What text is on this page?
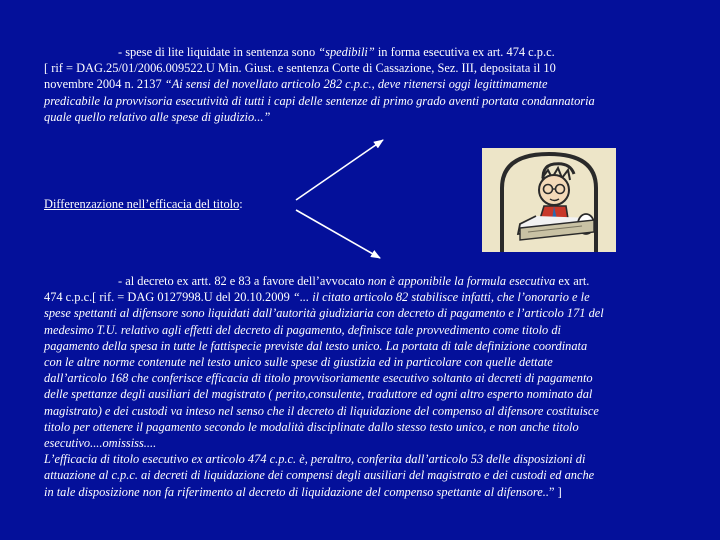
- spese di lite liquidate in sentenza sono “spedibili” in forma esecutiva ex art. 474 c.p.c.
[ rif = DAG.25/01/2006.009522.U Min. Giust. e sentenza Corte di Cassazione, Sez. III, depositata il 10
novembre 2004 n. 2137 “Ai sensi del novellato articolo 282 c.p.c., deve ritenersi oggi legittimamente
predicabile la provvisoria esecutività di tutti i capi delle sentenze di primo grado aventi portata condannatoria
quale quello relativo alle spese di giudizio...”
Differenzazione nell’efficacia del titolo:
- al decreto ex artt. 82 e 83 a favore dell’avvocato non è apponibile la formula esecutiva ex art.
474 c.p.c.[ rif. = DAG 0127998.U del 20.10.2009 “... il citato articolo 82 stabilisce infatti, che l’onorario e le
spese spettanti al difensore sono liquidati dall’autorità giudiziaria con decreto di pagamento e l’articolo 171 del
medesimo T.U. relativo agli effetti del decreto di pagamento, definisce tale provvedimento come titolo di
pagamento della spesa in tutte le fattispecie previste dal testo unico. La portata di tale definizione coordinata
con le altre norme contenute nel testo unico sulle spese di giustizia ed in particolare con quelle dettate
dall’articolo 168 che conferisce efficacia di titolo provvisoriamente esecutivo soltanto ai decreti di pagamento
delle spettanze degli ausiliari del magistrato ( perito,consulente, traduttore ed ogni altro esperto nominato dal
magistrato) e dei custodi va inteso nel senso che il decreto di liquidazione del compenso al difensore costituisce
titolo per ottenere il pagamento secondo le modalità disciplinate dallo stesso testo unico, e non anche titolo
esecutivo....omississ....
L’efficacia di titolo esecutivo ex articolo 474 c.p.c. è, peraltro, conferita dall’articolo 53 delle disposizioni di
attuazione al c.p.c. ai decreti di liquidazione dei compensi degli ausiliari del magistrato e dei custodi ed anche
in tale disposizione non fa riferimento al decreto di liquidazione del compenso spettante al difensore..” ]
